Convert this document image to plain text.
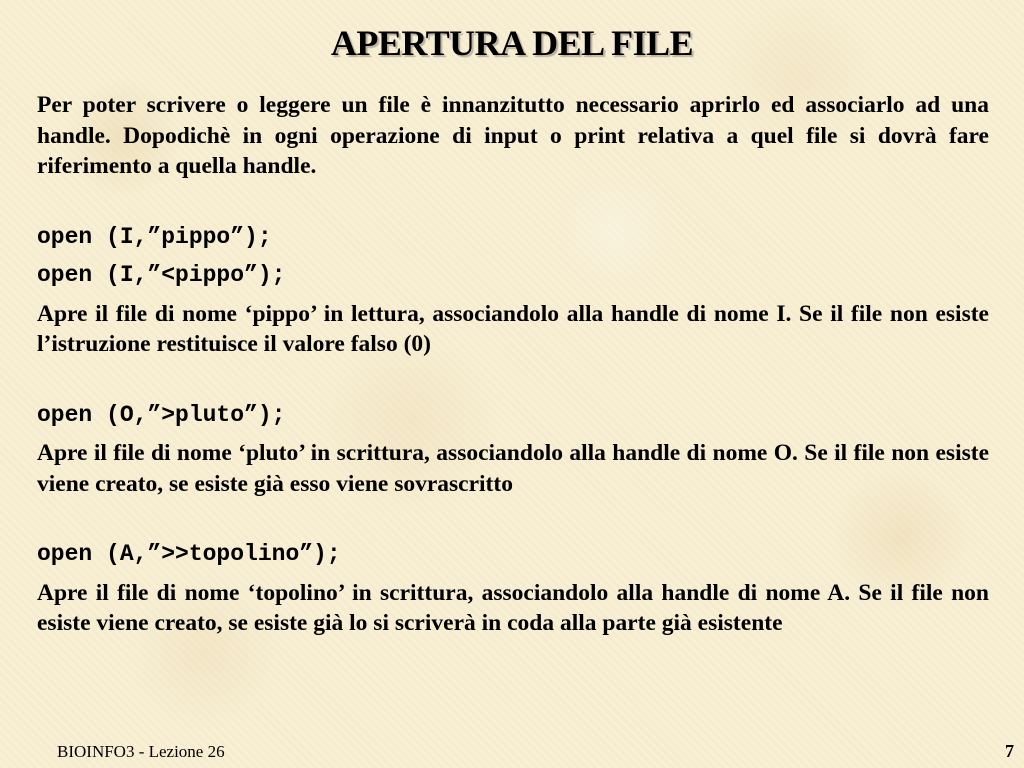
APERTURA DEL FILE

Per poter scrivere o leggere un file è innanzitutto necessario aprirlo ed associarlo ad una handle. Dopodichè in ogni operazione di input o print relativa a quel file si dovrà fare riferimento a quella handle.

open (I,”pippo”);

open (I,”<pippo”);

Apre il file di nome ‘pippo’ in lettura, associandolo alla handle di nome I. Se il file non esiste l’istruzione restituisce il valore falso (0)

open (O,”>pluto”);

Apre il file di nome ‘pluto’ in scrittura, associandolo alla handle di nome O. Se il file non esiste viene creato, se esiste già esso viene sovrascritto

open (A,”>>topolino”);

Apre il file di nome ‘topolino’ in scrittura, associandolo alla handle di nome A. Se il file non esiste viene creato, se esiste già lo si scriverà in coda alla parte già esistente

BIOINFO3 - Lezione 26	7
